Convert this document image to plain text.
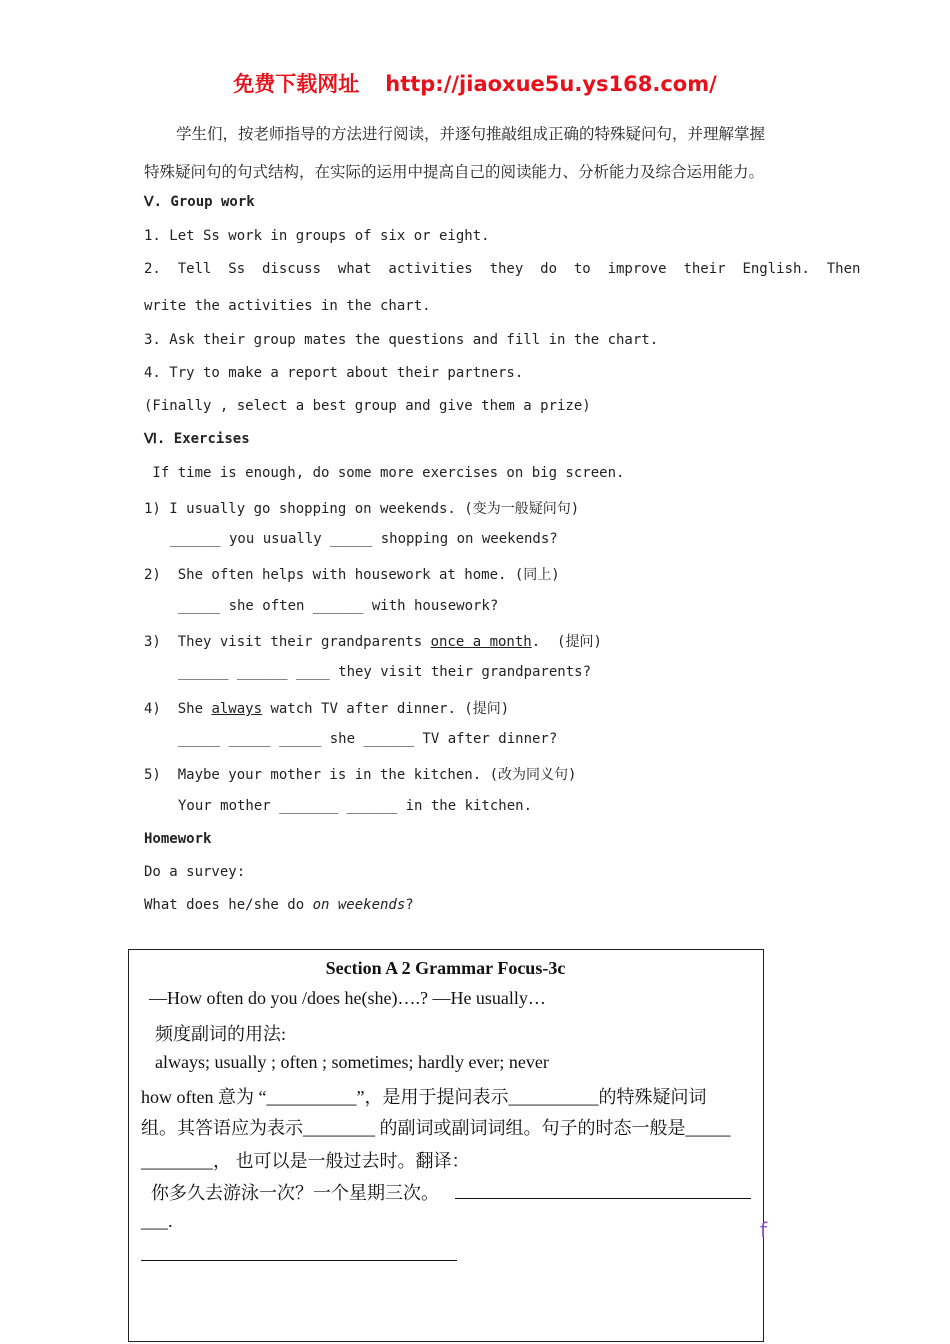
免费下载网址 http://jiaoxue5u.ys168.com/
学生们，按老师指导的方法进行阅读，并逐句推敲组成正确的特殊疑问句，并理解掌握
特殊疑问句的句式结构，在实际的运用中提高自己的阅读能力、分析能力及综合运用能力。
Ⅴ. Group work
1. Let Ss work in groups of six or eight.
2.  Tell  Ss  discuss  what  activities  they  do  to  improve  their  English.  Then
write the activities in the chart.
3. Ask their group mates the questions and fill in the chart.
4. Try to make a report about their partners.
(Finally , select a best group and give them a prize)
Ⅵ. Exercises
If time is enough, do some more exercises on big screen.
1) I usually go shopping on weekends. (变为一般疑问句)
______ you usually _____ shopping on weekends?
2)  She often helps with housework at home. (同上)
_____ she often ______ with housework?
3)  They visit their grandparents once a month.  (提问)
______ ______ ____ they visit their grandparents?
4)  She always watch TV after dinner. (提问)
_____ _____ _____ she ______ TV after dinner?
5)  Maybe your mother is in the kitchen. (改为同义句)
Your mother _______ ______ in the kitchen.
Homework
Do a survey:
What does he/she do on weekends?
Section A 2 Grammar Focus-3c
—How often do you /does he(she)….? —He usually…
频度副词的用法:
always; usually ; often ; sometimes; hardly ever; never
how often 意为 “__________”，是用于提问表示__________的特殊疑问词
组。其答语应为表示________ 的副词或副词词组。句子的时态一般是_____
________， 也可以是一般过去时。翻译：
你多久去游泳一次？一个星期三次。
___.	f
